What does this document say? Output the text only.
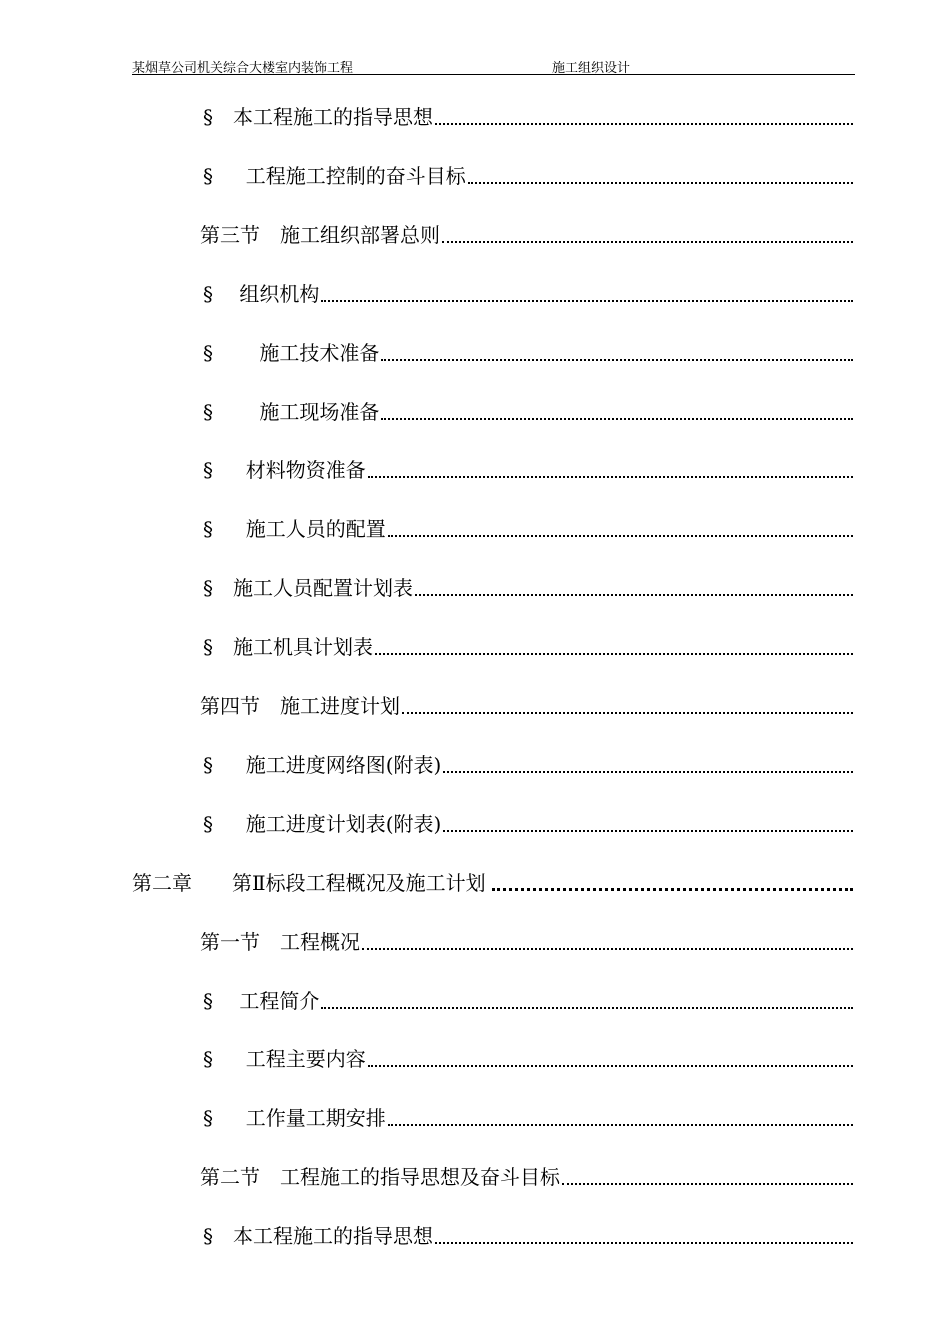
某烟草公司机关综合大楼室内装饰工程	施工组织设计
§　本工程施工的指导思想
§ 　 工程施工控制的奋斗目标
第三节　施工组织部署总则
§　 组织机构
§ 　　施工技术准备
§ 　　施工现场准备
§ 　 材料物资准备
§ 　 施工人员的配置
§　施工人员配置计划表
§　施工机具计划表
第四节　施工进度计划
§ 　 施工进度网络图(附表)
§ 　 施工进度计划表(附表)
第二章　　第Ⅱ标段工程概况及施工计划
第一节　工程概况
§　 工程简介
§ 　 工程主要内容
§ 　 工作量工期安排
第二节　工程施工的指导思想及奋斗目标
§　本工程施工的指导思想
